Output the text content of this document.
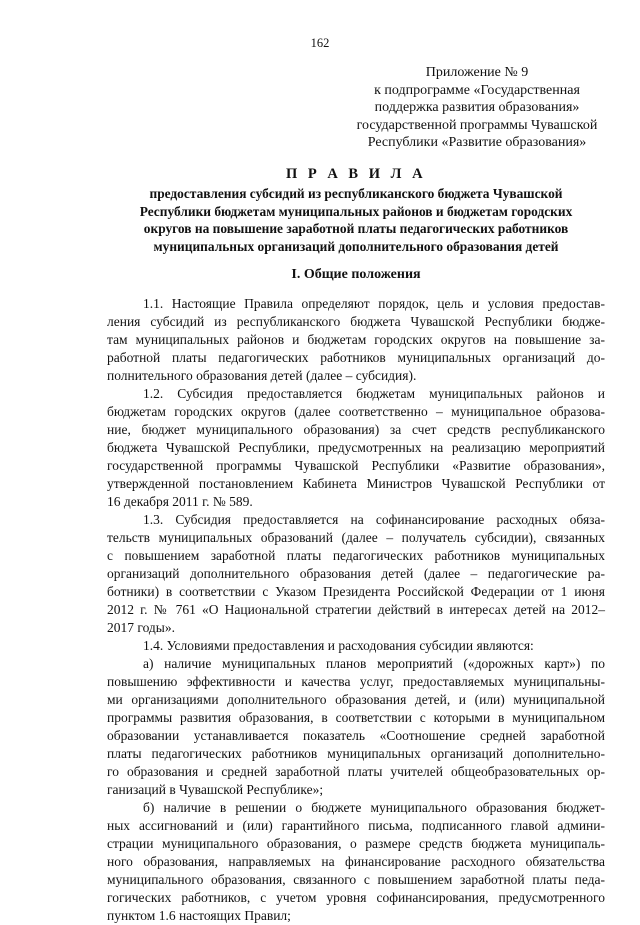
162
Приложение № 9
к подпрограмме «Государственная
поддержка развития образования»
государственной программы Чувашской
Республики «Развитие образования»
П Р А В И Л А
предоставления субсидий из республиканского бюджета Чувашской
Республики бюджетам муниципальных районов и бюджетам городских
округов на повышение заработной платы педагогических работников
муниципальных организаций дополнительного образования детей
I. Общие положения
1.1. Настоящие Правила определяют порядок, цель и условия предостав-
ления субсидий из республиканского бюджета Чувашской Республики бюдже-
там муниципальных районов и бюджетам городских округов на повышение за-
работной платы педагогических работников муниципальных организаций до-
полнительного образования детей (далее – субсидия).
1.2. Субсидия предоставляется бюджетам муниципальных районов и
бюджетам городских округов (далее соответственно – муниципальное образова-
ние, бюджет муниципального образования) за счет средств республиканского
бюджета Чувашской Республики, предусмотренных на реализацию мероприятий
государственной программы Чувашской Республики «Развитие образования»,
утвержденной постановлением Кабинета Министров Чувашской Республики от
16 декабря 2011 г. № 589.
1.3. Субсидия предоставляется на софинансирование расходных обяза-
тельств муниципальных образований (далее – получатель субсидии), связанных
с повышением заработной платы педагогических работников муниципальных
организаций дополнительного образования детей (далее – педагогические ра-
ботники) в соответствии с Указом Президента Российской Федерации от 1 июня
2012 г. № 761 «О Национальной стратегии действий в интересах детей на 2012–
2017 годы».
1.4. Условиями предоставления и расходования субсидии являются:
а) наличие муниципальных планов мероприятий («дорожных карт») по
повышению эффективности и качества услуг, предоставляемых муниципальны-
ми организациями дополнительного образования детей, и (или) муниципальной
программы развития образования, в соответствии с которыми в муниципальном
образовании устанавливается показатель «Соотношение средней заработной
платы педагогических работников муниципальных организаций дополнительно-
го образования и средней заработной платы учителей общеобразовательных ор-
ганизаций в Чувашской Республике»;
б) наличие в решении о бюджете муниципального образования бюджет-
ных ассигнований и (или) гарантийного письма, подписанного главой админи-
страции муниципального образования, о размере средств бюджета муниципаль-
ного образования, направляемых на финансирование расходного обязательства
муниципального образования, связанного с повышением заработной платы педа-
гогических работников, с учетом уровня софинансирования, предусмотренного
пунктом 1.6 настоящих Правил;
